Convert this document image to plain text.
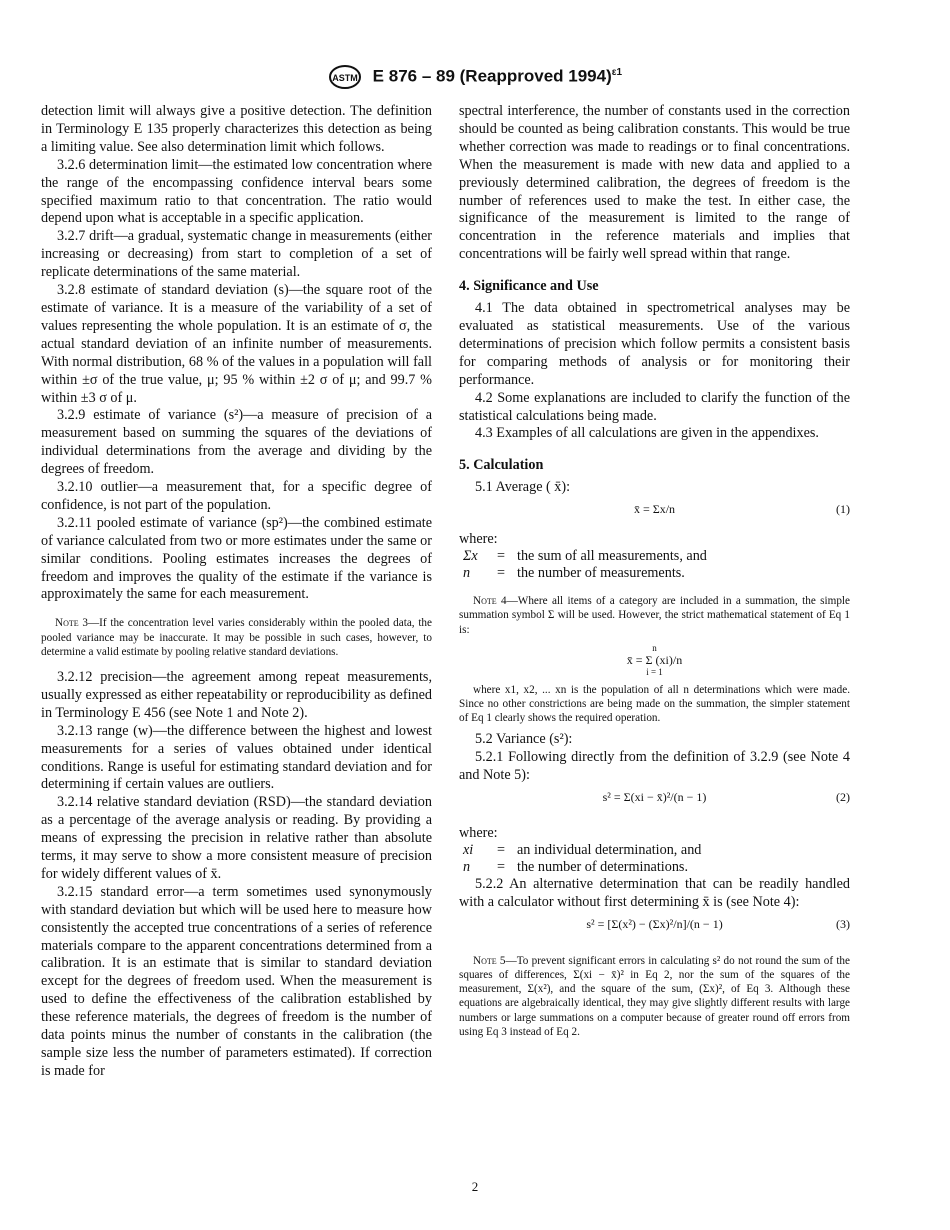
ASTM E 876 – 89 (Reapproved 1994)$^{\varepsilon 1}$

detection limit will always give a positive detection. The definition in Terminology E 135 properly characterizes this detection as being a limiting value. See also determination limit which follows.

3.2.6 determination limit—the estimated low concentration where the range of the encompassing confidence interval bears some specified maximum ratio to that concentration. The ratio would depend upon what is acceptable in a specific application.

3.2.7 drift—a gradual, systematic change in measurements (either increasing or decreasing) from start to completion of a set of replicate determinations of the same material.

3.2.8 estimate of standard deviation (s)—the square root of the estimate of variance. It is a measure of the variability of a set of values representing the whole population. It is an estimate of σ, the actual standard deviation of an infinite number of measurements. With normal distribution, 68 % of the values in a population will fall within ±σ of the true value, μ; 95 % within ±2 σ of μ; and 99.7 % within ±3 σ of μ.

3.2.9 estimate of variance (s²)—a measure of precision of a measurement based on summing the squares of the deviations of individual determinations from the average and dividing by the degrees of freedom.

3.2.10 outlier—a measurement that, for a specific degree of confidence, is not part of the population.

3.2.11 pooled estimate of variance (sp²)—the combined estimate of variance calculated from two or more estimates under the same or similar conditions. Pooling estimates increases the degrees of freedom and improves the quality of the estimate if the variance is approximately the same for each measurement.

Note 3—If the concentration level varies considerably within the pooled data, the pooled variance may be inaccurate. It may be possible in such cases, however, to determine a valid estimate by pooling relative standard deviations.

3.2.12 precision—the agreement among repeat measurements, usually expressed as either repeatability or reproducibility as defined in Terminology E 456 (see Note 1 and Note 2).

3.2.13 range (w)—the difference between the highest and lowest measurements for a series of values obtained under identical conditions. Range is useful for estimating standard deviation and for determining if certain values are outliers.

3.2.14 relative standard deviation (RSD)—the standard deviation as a percentage of the average analysis or reading. By providing a means of expressing the precision in relative rather than absolute terms, it may serve to show a more consistent measure of precision for widely different values of x̄.

3.2.15 standard error—a term sometimes used synonymously with standard deviation but which will be used here to measure how consistently the accepted true concentrations of a series of reference materials compare to the apparent concentrations determined from a calibration. It is an estimate that is similar to standard deviation except for the degrees of freedom used. When the measurement is used to define the effectiveness of the calibration established by these reference materials, the degrees of freedom is the number of data points minus the number of constants in the calibration (the sample size less the number of parameters estimated). If correction is made for

spectral interference, the number of constants used in the correction should be counted as being calibration constants. This would be true whether correction was made to readings or to final concentrations. When the measurement is made with new data and applied to a previously determined calibration, the degrees of freedom is the number of references used to make the test. In either case, the significance of the measurement is limited to the range of concentration in the reference materials and implies that concentrations will be fairly well spread within that range.

4. Significance and Use

4.1 The data obtained in spectrometrical analyses may be evaluated as statistical measurements. Use of the various determinations of precision which follow permits a consistent basis for comparing methods of analysis or for monitoring their performance.

4.2 Some explanations are included to clarify the function of the statistical calculations being made.

4.3 Examples of all calculations are given in the appendixes.

5. Calculation

5.1 Average ( x̄):

x̄ = Σx/n	(1)
where:
Σx	= the sum of all measurements, and
n	= the number of measurements.

Note 4—Where all items of a category are included in a summation, the simple summation symbol Σ will be used. However, the strict mathematical statement of Eq 1 is:

n
x̄ = Σ (xi)/n
i = 1

where x1, x2, ... xn is the population of all n determinations which were made. Since no other constrictions are being made on the summation, the simpler statement of Eq 1 clearly shows the required operation.

5.2 Variance (s²):

5.2.1 Following directly from the definition of 3.2.9 (see Note 4 and Note 5):

s² = Σ(xi − x̄)²/(n − 1)	(2)
where:
xi	= an individual determination, and
n	= the number of determinations.

5.2.2 An alternative determination that can be readily handled with a calculator without first determining x̄ is (see Note 4):

s² = [Σ(x²) − (Σx)²/n]/(n − 1)	(3)

Note 5—To prevent significant errors in calculating s² do not round the sum of the squares of differences, Σ(xi − x̄)² in Eq 2, nor the sum of the squares of the measurement, Σ(x²), and the square of the sum, (Σx)², of Eq 3. Although these equations are algebraically identical, they may give slightly different results with large numbers or large summations on a computer because of greater round off errors from using Eq 3 instead of Eq 2.

2
